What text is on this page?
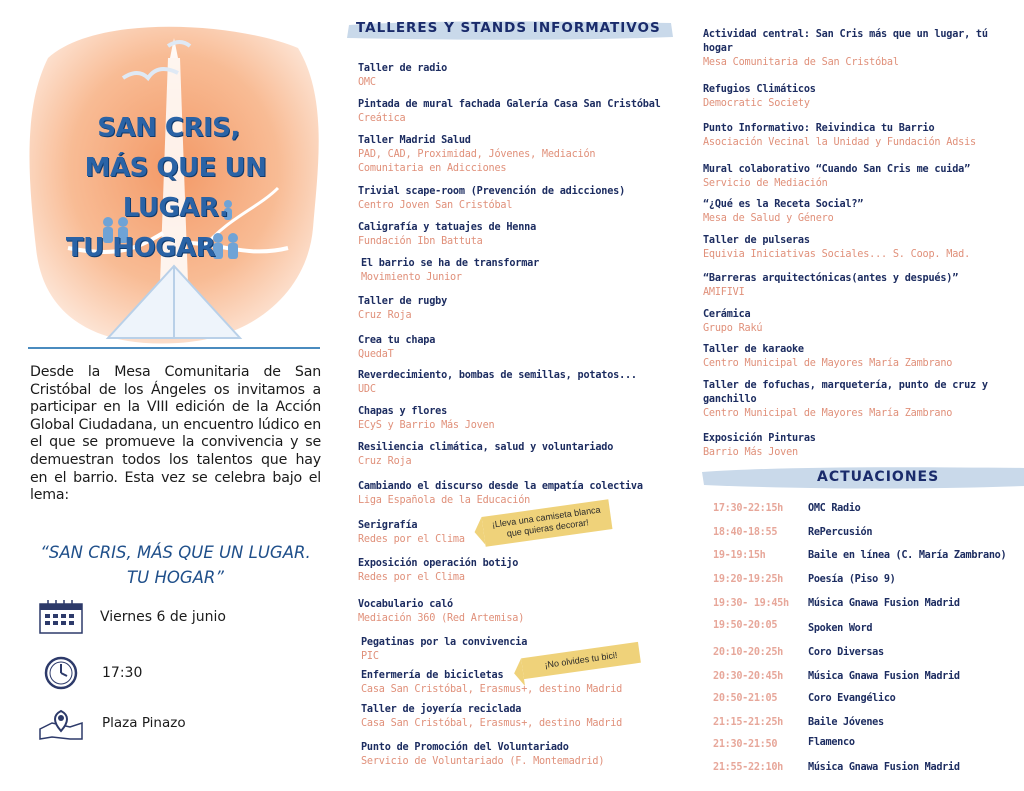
SAN CRIS,
MÁS QUE UN LUGAR.
TU HOGAR

Desde la Mesa Comunitaria de San Cristóbal de los Ángeles os invitamos a participar en la VIII edición de la Acción Global Ciudadana, un encuentro lúdico en el que se promueve la convivencia y se demuestran todos los talentos que hay en el barrio. Esta vez se celebra bajo el lema:

“SAN CRIS, MÁS QUE UN LUGAR. TU HOGAR”
Viernes 6 de junio
17:30
Plaza Pinazo
TALLERES Y STANDS INFORMATIVOS
Taller de radio
OMC
Pintada de mural fachada Galería Casa San Cristóbal
Creática
Taller Madrid Salud
PAD, CAD, Proximidad, Jóvenes, Mediación Comunitaria en Adicciones
Trivial scape-room (Prevención de adicciones)
Centro Joven San Cristóbal
Caligrafía y tatuajes de Henna
Fundación Ibn Battuta
El barrio se ha de transformar
Movimiento Junior
Taller de rugby
Cruz Roja
Crea tu chapa
QuedaT
Reverdecimiento, bombas de semillas, potatos...
UDC
Chapas y flores
ECyS y Barrio Más Joven
Resiliencia climática, salud y voluntariado
Cruz Roja
Cambiando el discurso desde la empatía colectiva
Liga Española de la Educación
Serigrafía
Redes por el Clima
Exposición operación botijo
Redes por el Clima
Vocabulario caló
Mediación 360 (Red Artemisa)
Pegatinas por la convivencia
PIC
Enfermería de bicicletas
Casa San Cristóbal, Erasmus+, destino Madrid
Taller de joyería reciclada
Casa San Cristóbal, Erasmus+, destino Madrid
Punto de Promoción del Voluntariado
Servicio de Voluntariado (F. Montemadrid)
¡Lleva una camiseta blanca que quieras decorar!
¡No olvides tu bici!
Actividad central: San Cris más que un lugar, tú hogar
Mesa Comunitaria de San Cristóbal
Refugios Climáticos
Democratic Society
Punto Informativo: Reivindica tu Barrio
Asociación Vecinal la Unidad y Fundación Adsis
Mural colaborativo “Cuando San Cris me cuida”
Servicio de Mediación
“¿Qué es la Receta Social?”
Mesa de Salud y Género
Taller de pulseras
Equivia Iniciativas Sociales... S. Coop. Mad.
“Barreras arquitectónicas(antes y después)”
AMIFIVI
Cerámica
Grupo Rakú
Taller de karaoke
Centro Municipal de Mayores María Zambrano
Taller de fofuchas, marquetería, punto de cruz y ganchillo
Centro Municipal de Mayores María Zambrano
Exposición Pinturas
Barrio Más Joven
ACTUACIONES
17:30-22:15h	OMC Radio
18:40-18:55	RePercusión
19-19:15h	Baile en línea (C. María Zambrano)
19:20-19:25h	Poesía (Piso 9)
19:30- 19:45h	Música Gnawa Fusion Madrid
19:50-20:05	Spoken Word
20:10-20:25h	Coro Diversas
20:30-20:45h	Música Gnawa Fusion Madrid
20:50-21:05	Coro Evangélico
21:15-21:25h	Baile Jóvenes
21:30-21:50	Flamenco
21:55-22:10h	Música Gnawa Fusion Madrid
